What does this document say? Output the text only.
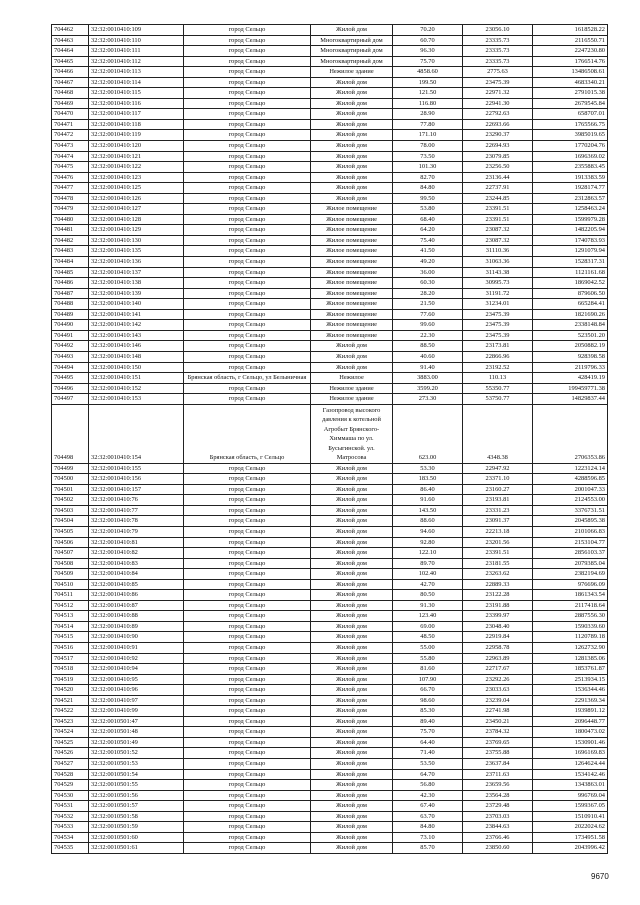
704462	32:32:0010410:109	город Сельцо	Жилой дом	70.20	23056.10	1618528.22
704463	32:32:0010410:110	город Сельцо	Многоквартирный дом	60.70	23335.73	2116550.71
704464	32:32:0010410:111	город Сельцо	Многоквартирный дом	96.30	23335.73	2247230.80
704465	32:32:0010410:112	город Сельцо	Многоквартирный дом	75.70	23335.73	1766514.76
704466	32:32:0010410:113	город Сельцо	Нежилое здание	4858.60	2775.63	13486508.61
704467	32:32:0010410:114	город Сельцо	Жилой дом	199.50	23475.39	4683340.21
704468	32:32:0010410:115	город Сельцо	Жилой дом	121.50	22971.32	2791015.38
704469	32:32:0010410:116	город Сельцо	Жилой дом	116.80	22941.30	2679545.84
704470	32:32:0010410:117	город Сельцо	Жилой дом	28.90	22792.63	658707.01
704471	32:32:0010410:118	город Сельцо	Жилой дом	77.80	22693.66	1765566.75
704472	32:32:0010410:119	город Сельцо	Жилой дом	171.10	23290.37	3985019.65
704473	32:32:0010410:120	город Сельцо	Жилой дом	78.00	22694.93	1770204.76
704474	32:32:0010410:121	город Сельцо	Жилой дом	73.50	23079.85	1696369.02
704475	32:32:0010410:122	город Сельцо	Жилой дом	101.30	23256.50	2355883.45
704476	32:32:0010410:123	город Сельцо	Жилой дом	82.70	23136.44	1913383.59
704477	32:32:0010410:125	город Сельцо	Жилой дом	84.80	22737.91	1928174.77
704478	32:32:0010410:126	город Сельцо	Жилой дом	99.50	23244.85	2312863.57
704479	32:32:0010410:127	город Сельцо	Жилое помещение	53.80	23391.51	1258463.24
704480	32:32:0010410:128	город Сельцо	Жилое помещение	68.40	23391.51	1599979.28
704481	32:32:0010410:129	город Сельцо	Жилое помещение	64.20	23087.32	1482205.94
704482	32:32:0010410:130	город Сельцо	Жилое помещение	75.40	23087.32	1740783.93
704483	32:32:0010410:135	город Сельцо	Жилое помещение	41.50	31110.36	1291079.94
704484	32:32:0010410:136	город Сельцо	Жилое помещение	49.20	31063.36	1528317.31
704485	32:32:0010410:137	город Сельцо	Жилое помещение	36.00	31143.38	1121161.68
704486	32:32:0010410:138	город Сельцо	Жилое помещение	60.30	30995.73	1869042.52
704487	32:32:0010410:139	город Сельцо	Жилое помещение	28.20	31191.72	879606.50
704488	32:32:0010410:140	город Сельцо	Жилое помещение	21.50	31234.01	665284.41
704489	32:32:0010410:141	город Сельцо	Жилое помещение	77.60	23475.39	1821690.26
704490	32:32:0010410:142	город Сельцо	Жилое помещение	99.60	23475.39	2338148.84
704491	32:32:0010410:143	город Сельцо	Жилое помещение	22.30	23475.39	523501.20
704492	32:32:0010410:146	город Сельцо	Жилой дом	88.50	23173.81	2050882.19
704493	32:32:0010410:148	город Сельцо	Жилой дом	40.60	22866.96	928398.58
704494	32:32:0010410:150	город Сельцо	Жилой дом	91.40	23192.52	2119796.33
704495	32:32:0010410:151	Брянская область, г Сельцо, ул Белыничная	Нежилое	3883.00	110.13	428419.19
704496	32:32:0010410:152	город Сельцо	Нежилое здание	3599.20	55350.77	199459771.38
704497	32:32:0010410:153	город Сельцо	Нежилое здание	273.30	53750.77	14829837.44
704498	32:32:0010410:154	Брянская область, г Сельцо	Газопровод высокого давления к котельной Агробыт Брянского-Химмаша по ул. Бусыгинской. ул. Матросова	623.00	4348.38	2706353.86
704499	32:32:0010410:155	город Сельцо	Жилой дом	53.30	22947.92	1223124.14
704500	32:32:0010410:156	город Сельцо	Жилой дом	183.50	23371.10	4288596.85
704501	32:32:0010410:157	город Сельцо	Жилой дом	86.40	23160.27	2001047.33
704502	32:32:0010410:76	город Сельцо	Жилой дом	91.60	23193.81	2124553.00
704503	32:32:0010410:77	город Сельцо	Жилой дом	143.50	23331.23	3376731.51
704504	32:32:0010410:78	город Сельцо	Жилой дом	88.60	23091.37	2045895.38
704505	32:32:0010410:79	город Сельцо	Жилой дом	94.60	22213.18	2101066.83
704506	32:32:0010410:81	город Сельцо	Жилой дом	92.80	23201.56	2153104.77
704507	32:32:0010410:82	город Сельцо	Жилой дом	122.10	23391.51	2856103.37
704508	32:32:0010410:83	город Сельцо	Жилой дом	89.70	23181.55	2079385.04
704509	32:32:0010410:84	город Сельцо	Жилой дом	102.40	23263.62	2382194.69
704510	32:32:0010410:85	город Сельцо	Жилой дом	42.70	22889.33	976696.09
704511	32:32:0010410:86	город Сельцо	Жилой дом	80.50	23122.28	1861343.54
704512	32:32:0010410:87	город Сельцо	Жилой дом	91.30	23191.88	2117418.64
704513	32:32:0010410:88	город Сельцо	Жилой дом	123.40	23399.97	2887556.30
704514	32:32:0010410:89	город Сельцо	Жилой дом	69.00	23048.40	1590339.60
704515	32:32:0010410:90	город Сельцо	Жилой дом	48.50	22919.84	1120789.18
704516	32:32:0010410:91	город Сельцо	Жилой дом	55.00	22958.78	1262732.90
704517	32:32:0010410:92	город Сельцо	Жилой дом	55.80	22963.89	1281385.06
704518	32:32:0010410:94	город Сельцо	Жилой дом	81.60	22717.67	1853761.87
704519	32:32:0010410:95	город Сельцо	Жилой дом	107.90	23292.26	2513934.15
704520	32:32:0010410:96	город Сельцо	Жилой дом	66.70	23033.63	1536344.46
704521	32:32:0010410:97	город Сельцо	Жилой дом	98.60	23239.04	2291369.34
704522	32:32:0010410:99	город Сельцо	Жилой дом	85.30	22741.98	1939891.12
704523	32:32:0010501:47	город Сельцо	Жилой дом	89.40	23450.21	2096448.77
704524	32:32:0010501:48	город Сельцо	Жилой дом	75.70	23784.32	1800473.02
704525	32:32:0010501:49	город Сельцо	Жилой дом	64.40	23769.65	1530901.46
704526	32:32:0010501:52	город Сельцо	Жилой дом	71.40	23755.88	1696169.83
704527	32:32:0010501:53	город Сельцо	Жилой дом	53.50	23637.84	1264624.44
704528	32:32:0010501:54	город Сельцо	Жилой дом	64.70	23711.63	1534142.46
704529	32:32:0010501:55	город Сельцо	Жилой дом	56.80	23659.56	1343863.01
704530	32:32:0010501:56	город Сельцо	Жилой дом	42.30	23564.28	996769.04
704531	32:32:0010501:57	город Сельцо	Жилой дом	67.40	23729.48	1599367.05
704532	32:32:0010501:58	город Сельцо	Жилой дом	63.70	23703.03	1510910.41
704533	32:32:0010501:59	город Сельцо	Жилой дом	84.80	23844.63	2022024.62
704534	32:32:0010501:60	город Сельцо	Жилой дом	73.10	23766.46	1734951.58
704535	32:32:0010501:61	город Сельцо	Жилой дом	85.70	23850.60	2043996.42
9670
